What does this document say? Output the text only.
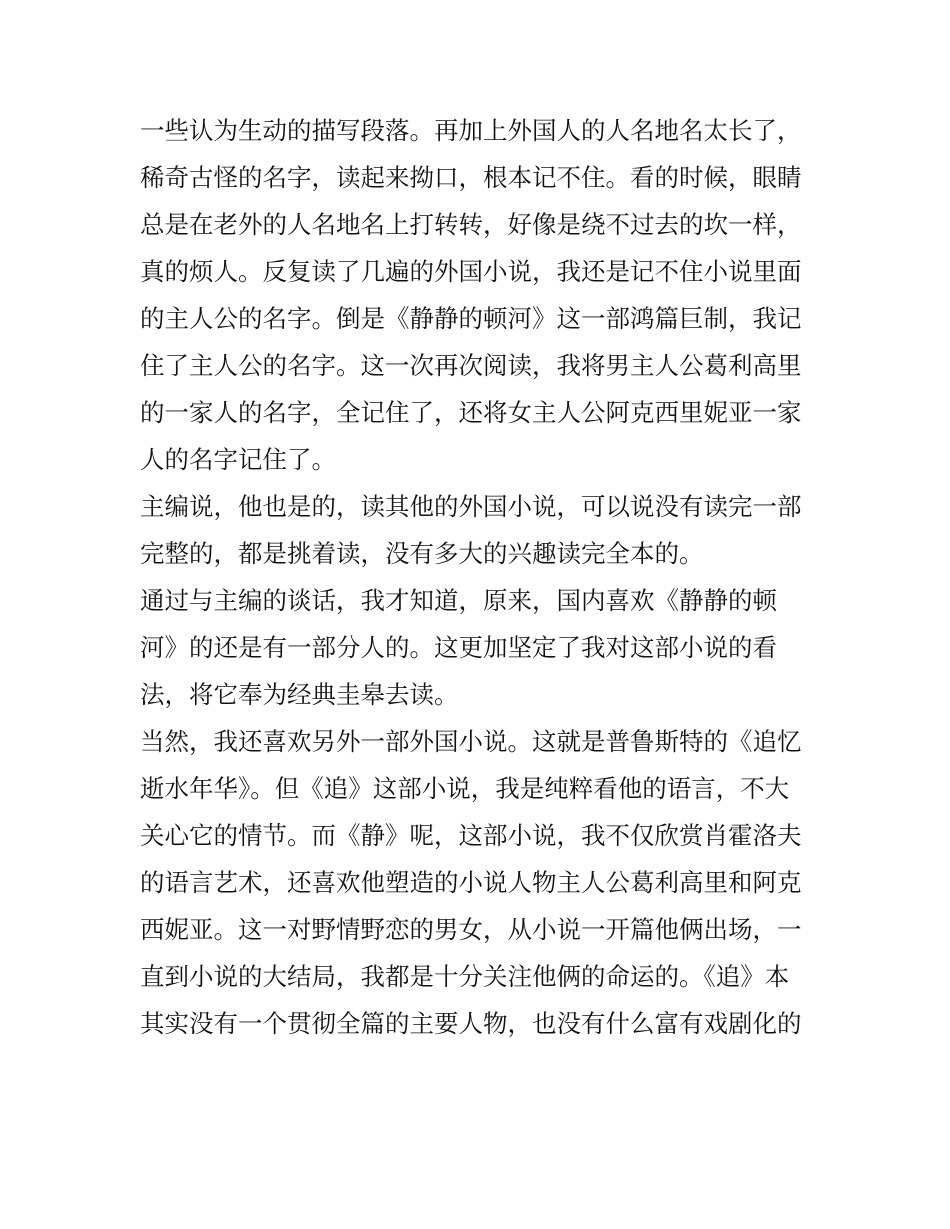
一些认为生动的描写段落。再加上外国人的人名地名太长了，
稀奇古怪的名字，读起来拗口，根本记不住。看的时候，眼睛
总是在老外的人名地名上打转转，好像是绕不过去的坎一样，
真的烦人。反复读了几遍的外国小说，我还是记不住小说里面
的主人公的名字。倒是《静静的顿河》这一部鸿篇巨制，我记
住了主人公的名字。这一次再次阅读，我将男主人公葛利高里
的一家人的名字，全记住了，还将女主人公阿克西里妮亚一家
人的名字记住了。
主编说，他也是的，读其他的外国小说，可以说没有读完一部
完整的，都是挑着读，没有多大的兴趣读完全本的。
通过与主编的谈话，我才知道，原来，国内喜欢《静静的顿
河》的还是有一部分人的。这更加坚定了我对这部小说的看
法，将它奉为经典圭皋去读。
当然，我还喜欢另外一部外国小说。这就是普鲁斯特的《追忆
逝水年华》。但《追》这部小说，我是纯粹看他的语言，不大
关心它的情节。而《静》呢，这部小说，我不仅欣赏肖霍洛夫
的语言艺术，还喜欢他塑造的小说人物主人公葛利高里和阿克
西妮亚。这一对野情野恋的男女，从小说一开篇他俩出场，一
直到小说的大结局，我都是十分关注他俩的命运的。《追》本
其实没有一个贯彻全篇的主要人物，也没有什么富有戏剧化的
